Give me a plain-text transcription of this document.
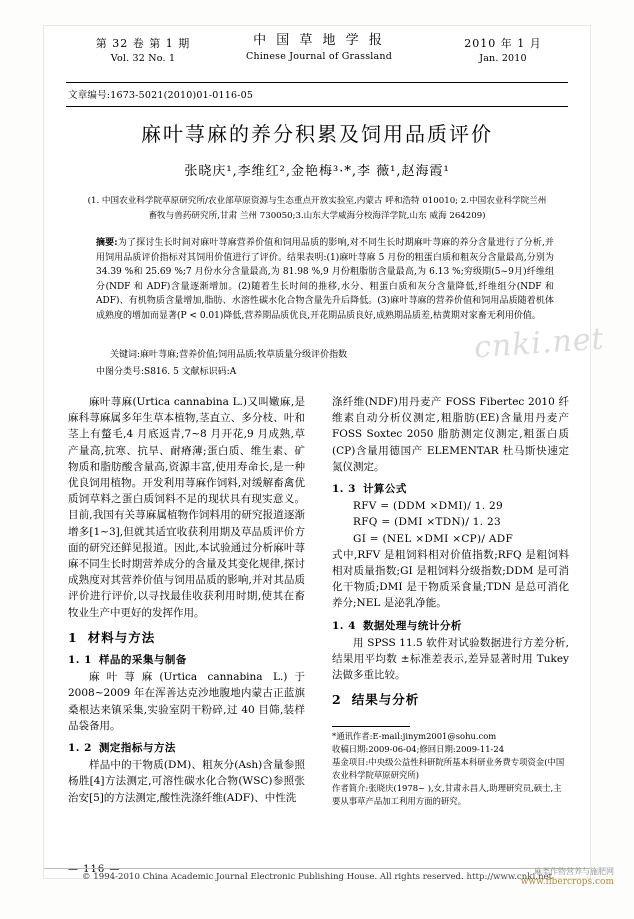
第 32 卷 第 1 期
Vol. 32 No. 1
中 国 草 地 学 报
Chinese Journal of Grassland
2010 年 1 月
Jan. 2010
文章编号:1673-5021(2010)01-0116-05
麻叶荨麻的养分积累及饲用品质评价
张晓庆¹,李维红²,金艳梅³·*,李 薇¹,赵海霞¹
(1. 中国农业科学院草原研究所/农业部草原资源与生态重点开放实验室,内蒙古 呼和浩特 010010; 2.中国农业科学院兰州畜牧与兽药研究所,甘肃 兰州 730050;3.山东大学威海分校海洋学院,山东 威海 264209)
摘要:为了探讨生长时间对麻叶荨麻营养价值和饲用品质的影响,对不同生长时期麻叶荨麻的养分含量进行了分析,并用饲用品质评价指标对其饲用价值进行了评价。结果表明:(1)麻叶荨麻 5 月份的粗蛋白质和粗灰分含量最高,分别为 34.39 %和 25.69 %;7 月份水分含量最高,为 81.98 %,9 月份粗脂肪含量最高,为 6.13 %;穷级期(5~9月)纤维组分(NDF 和 ADF)含量逐渐增加。(2)随着生长时间的推移,水分、粗蛋白质和灰分含量降低,纤维组分(NDF 和 ADF)、有机物质含量增加,脂肪、水溶性碳水化合物含量先升后降低。(3)麻叶荨麻的营养价值和饲用品质随着机体成熟度的增加而显著(P < 0.01)降低,营养期品质优良,开花期品质良好,成熟期品质差,枯黄期对家畜无利用价值。
关键词:麻叶荨麻;营养价值;饲用品质;牧草质量分级评价指数
中图分类号:S816. 5 文献标识码:A

麻叶荨麻(Urtica cannabina L.)又叫嫩麻,是麻科荨麻属多年生草本植物,茎直立、多分枝、叶和茎上有螫毛,4 月底返青,7~8 月开花,9 月成熟,草产量高,抗寒、抗旱、耐瘠薄;蛋白质、维生素、矿物质和脂肪酸含量高,资源丰富,使用寿命长,是一种优良饲用植物。开发利用荨麻作饲料,对缓解畜禽优质饲草料之蛋白质饲料不足的现状具有现实意义。目前,我国有关荨麻属植物作饲料用的研究报道逐渐增多[1~3],但就其适宜收获利用期及草品质评价方面的研究还鲜见报道。因此,本试验通过分析麻叶荨麻不同生长时期营养成分的含量及其变化规律,探讨成熟度对其营养价值与饲用品质的影响,并对其品质评价进行评价,以寻找最佳收获利用时期,使其在畜牧业生产中更好的发挥作用。

1 材料与方法
1. 1 样品的采集与制备

麻叶荨麻(Urtica cannabina L.)于 2008~2009 年在浑善达克沙地腹地内蒙古正蓝旗桑根达来镇采集,实验室阴干粉碎,过 40 目筛,装样品袋备用。

1. 2 测定指标与方法

样品中的干物质(DM)、粗灰分(Ash)含量参照杨胜[4]方法测定,可溶性碳水化合物(WSC)参照张治安[5]的方法测定,酸性洗涤纤维(ADF)、中性洗

涤纤维(NDF)用丹麦产 FOSS Fibertec 2010 纤维素自动分析仪测定,粗脂肪(EE)含量用丹麦产 FOSS Soxtec 2050 脂肪测定仪测定,粗蛋白质(CP)含量用德国产 ELEMENTAR 杜马斯快速定氮仪测定。

1. 3 计算公式

RFV = (DDM ×DMI)/ 1. 29

RFQ = (DMI ×TDN)/ 1. 23

GI = (NEL ×DMI ×CP)/ ADF

式中,RFV 是粗饲料相对价值指数;RFQ 是粗饲料相对质量指数;GI 是粗饲料分级指数;DDM 是可消化干物质;DMI 是干物质采食量;TDN 是总可消化养分;NEL 是泌乳净能。

1. 4 数据处理与统计分析

用 SPSS 11.5 软件对试验数据进行方差分析,结果用平均数 ±标准差表示,差异显著时用 Tukey 法做多重比较。

2 结果与分析

*通讯作者:E-mail:jinym2001@sohu.com

收稿日期:2009-06-04;修回日期:2009-11-24

基金项目:中央级公益性科研院所基本科研业务费专项资金(中国农业科学院草原研究所)

作者简介:张晓庆(1978~ ),女,甘肃永昌人,助理研究员,硕士,主要从事草产品加工利用方面的研究。

— 116 —
cnki.net
© 1994-2010 China Academic Journal Electronic Publishing House. All rights reserved. http://www.cnki.net
麻类作物营养与施肥网
www.fibercrops.com
